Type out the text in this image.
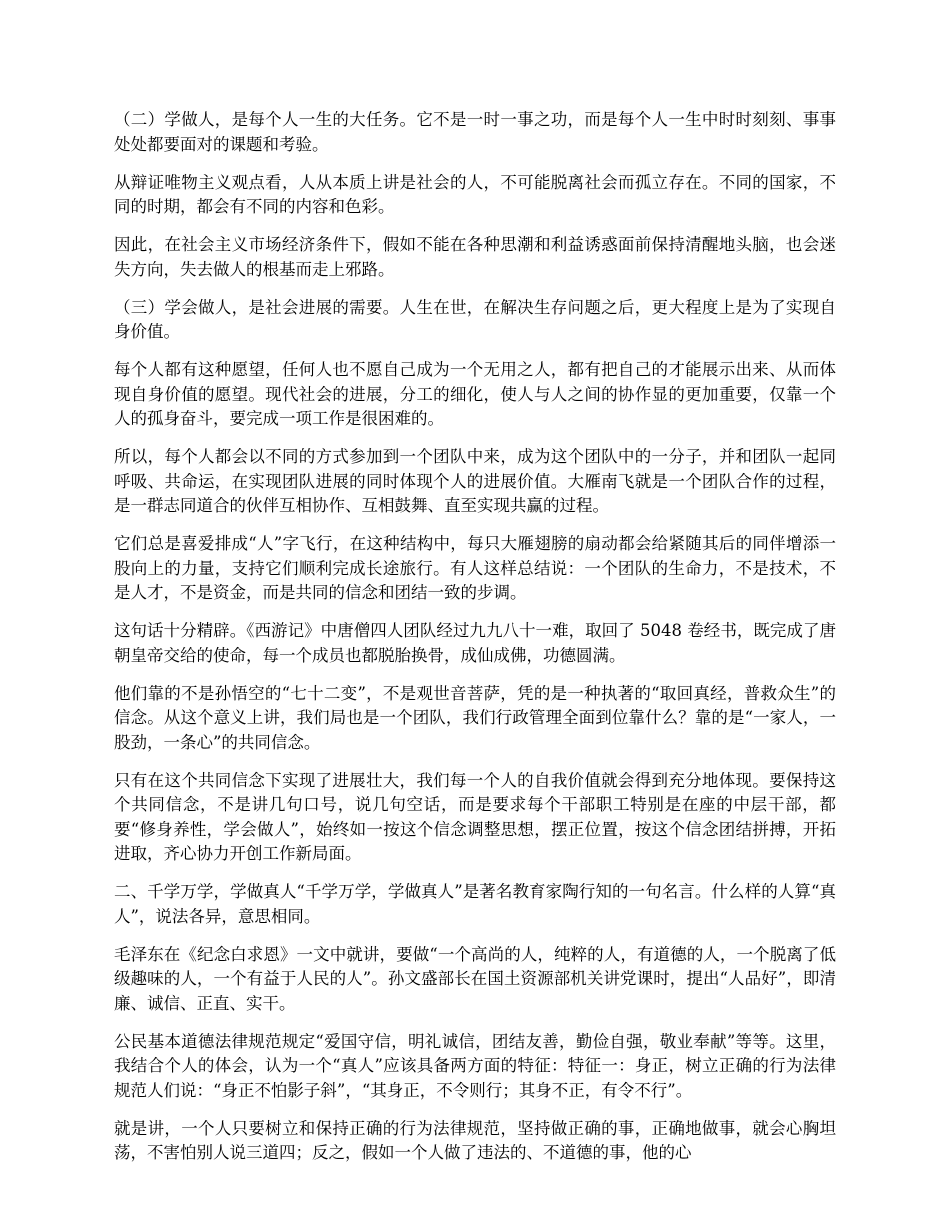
（二）学做人，是每个人一生的大任务。它不是一时一事之功，而是每个人一生中时时刻刻、事事处处都要面对的课题和考验。

从辩证唯物主义观点看，人从本质上讲是社会的人，不可能脱离社会而孤立存在。不同的国家，不同的时期，都会有不同的内容和色彩。

因此，在社会主义市场经济条件下，假如不能在各种思潮和利益诱惑面前保持清醒地头脑，也会迷失方向，失去做人的根基而走上邪路。

（三）学会做人，是社会进展的需要。人生在世，在解决生存问题之后，更大程度上是为了实现自身价值。

每个人都有这种愿望，任何人也不愿自己成为一个无用之人，都有把自己的才能展示出来、从而体现自身价值的愿望。现代社会的进展，分工的细化，使人与人之间的协作显的更加重要，仅靠一个人的孤身奋斗，要完成一项工作是很困难的。

所以，每个人都会以不同的方式参加到一个团队中来，成为这个团队中的一分子，并和团队一起同呼吸、共命运，在实现团队进展的同时体现个人的进展价值。大雁南飞就是一个团队合作的过程，是一群志同道合的伙伴互相协作、互相鼓舞、直至实现共赢的过程。

它们总是喜爱排成“人”字飞行，在这种结构中，每只大雁翅膀的扇动都会给紧随其后的同伴增添一股向上的力量，支持它们顺利完成长途旅行。有人这样总结说：一个团队的生命力，不是技术，不是人才，不是资金，而是共同的信念和团结一致的步调。

这句话十分精辟。《西游记》中唐僧四人团队经过九九八十一难，取回了 5048 卷经书，既完成了唐朝皇帝交给的使命，每一个成员也都脱胎换骨，成仙成佛，功德圆满。

他们靠的不是孙悟空的“七十二变”，不是观世音菩萨，凭的是一种执著的“取回真经，普救众生”的信念。从这个意义上讲，我们局也是一个团队，我们行政管理全面到位靠什么？靠的是“一家人，一股劲，一条心”的共同信念。

只有在这个共同信念下实现了进展壮大，我们每一个人的自我价值就会得到充分地体现。要保持这个共同信念，不是讲几句口号，说几句空话，而是要求每个干部职工特别是在座的中层干部，都要“修身养性，学会做人”，始终如一按这个信念调整思想，摆正位置，按这个信念团结拼搏，开拓进取，齐心协力开创工作新局面。

二、千学万学，学做真人“千学万学，学做真人”是著名教育家陶行知的一句名言。什么样的人算“真人”，说法各异，意思相同。

毛泽东在《纪念白求恩》一文中就讲，要做“一个高尚的人，纯粹的人，有道德的人，一个脱离了低级趣味的人，一个有益于人民的人”。孙文盛部长在国土资源部机关讲党课时，提出“人品好”，即清廉、诚信、正直、实干。

公民基本道德法律规范规定“爱国守信，明礼诚信，团结友善，勤俭自强，敬业奉献”等等。这里，我结合个人的体会，认为一个“真人”应该具备两方面的特征：特征一：身正，树立正确的行为法律规范人们说：“身正不怕影子斜”，“其身正，不令则行；其身不正，有令不行”。

就是讲，一个人只要树立和保持正确的行为法律规范，坚持做正确的事，正确地做事，就会心胸坦荡，不害怕别人说三道四；反之，假如一个人做了违法的、不道德的事，他的心
